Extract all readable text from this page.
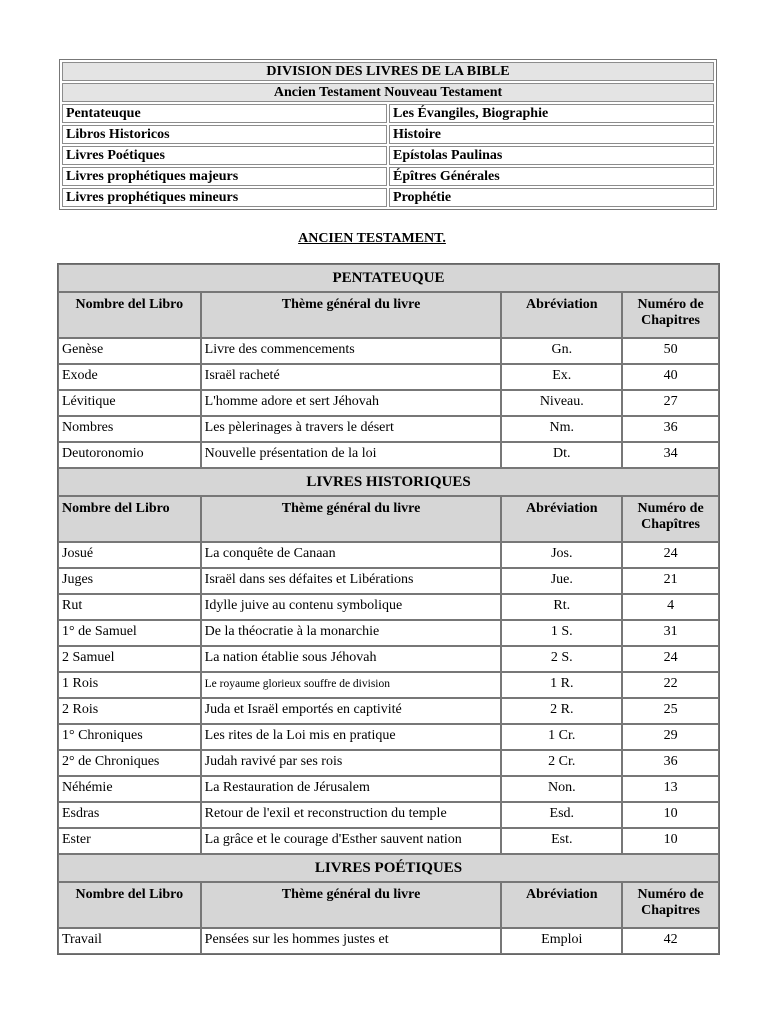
DIVISION DES LIVRES DE LA BIBLE	
Ancien Testament Nouveau Testament	
Pentateuque	Les Évangiles, Biographie
Libros Historicos	Histoire
Livres Poétiques	Epístolas Paulinas
Livres prophétiques majeurs	Épîtres Générales
Livres prophétiques mineurs	Prophétie
ANCIEN TESTAMENT.
PENTATEUQUE			
Nombre del Libro	Thème général du livre	Abréviation	Numéro de Chapitres
Genèse	Livre des commencements	Gn.	50
Exode	Israël racheté	Ex.	40
Lévitique	L'homme adore et sert Jéhovah	Niveau.	27
Nombres	Les pèlerinages à travers le désert	Nm.	36
Deutoronomio	Nouvelle présentation de la loi	Dt.	34
LIVRES HISTORIQUES			
Nombre del Libro	Thème général du livre	Abréviation	Numéro de Chapîtres
Josué	La conquête de Canaan	Jos.	24
Juges	Israël dans ses défaites et Libérations	Jue.	21
Rut	Idylle juive au contenu symbolique	Rt.	4
1° de Samuel	De la théocratie à la monarchie	1 S.	31
2 Samuel	La nation établie sous Jéhovah	2 S.	24
1 Rois	Le royaume glorieux souffre de division	1 R.	22
2 Rois	Juda et Israël emportés en captivité	2 R.	25
1° Chroniques	Les rites de la Loi mis en pratique	1 Cr.	29
2° de Chroniques	Judah ravivé par ses rois	2 Cr.	36
Néhémie	La Restauration de Jérusalem	Non.	13
Esdras	Retour de l'exil et reconstruction du temple	Esd.	10
Ester	La grâce et le courage d'Esther sauvent nation	Est.	10
LIVRES POÉTIQUES			
Nombre del Libro	Thème général du livre	Abréviation	Numéro de Chapitres
Travail	Pensées sur les hommes justes et	Emploi	42
